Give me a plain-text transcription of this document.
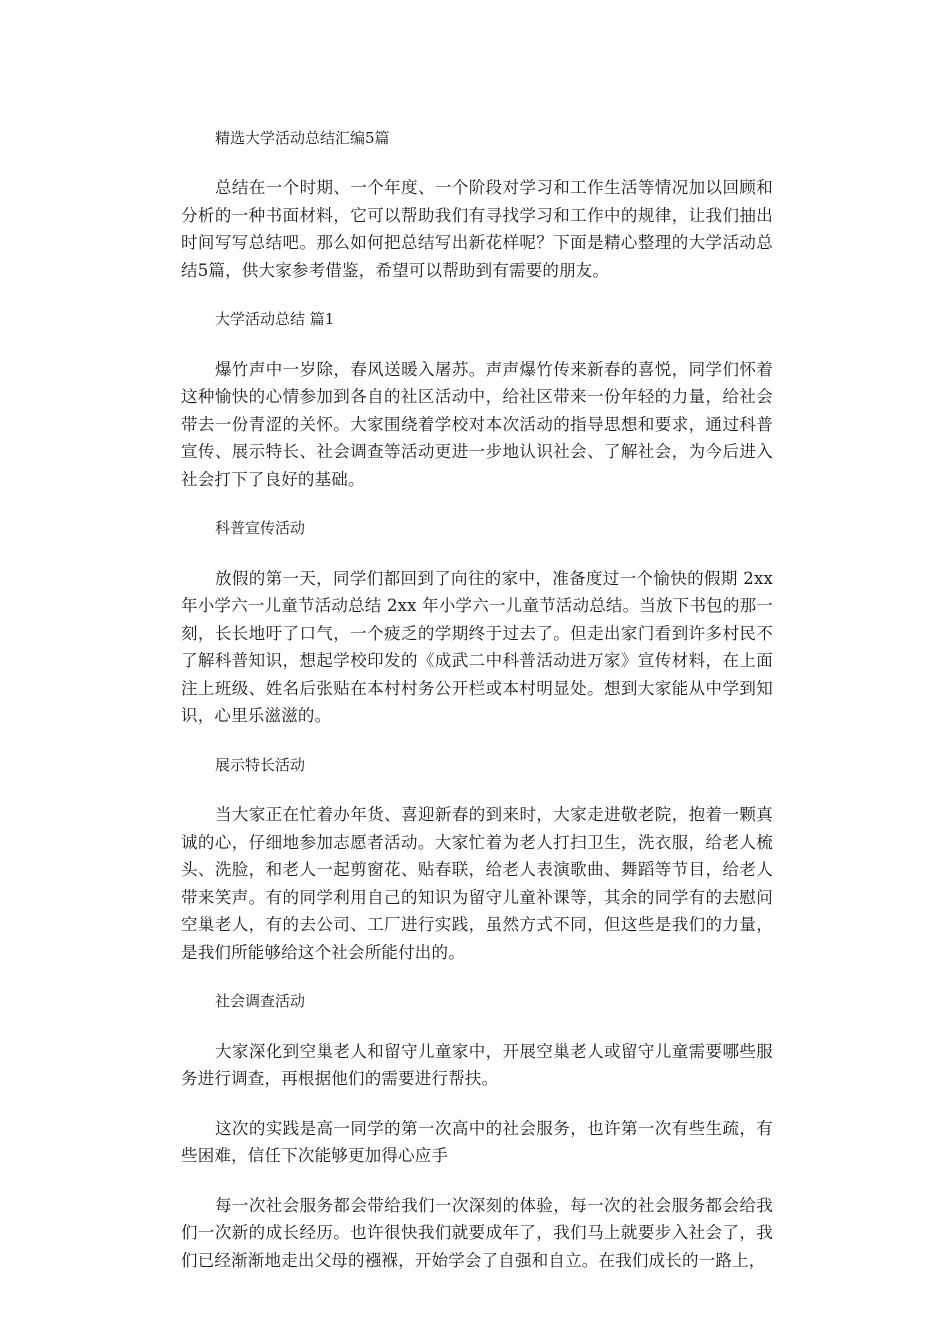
精选大学活动总结汇编5篇

总结在一个时期、一个年度、一个阶段对学习和工作生活等情况加以回顾和分析的一种书面材料，它可以帮助我们有寻找学习和工作中的规律，让我们抽出时间写写总结吧。那么如何把总结写出新花样呢？下面是精心整理的大学活动总结5篇，供大家参考借鉴，希望可以帮助到有需要的朋友。

大学活动总结 篇1

爆竹声中一岁除，春风送暖入屠苏。声声爆竹传来新春的喜悦，同学们怀着这种愉快的心情参加到各自的社区活动中，给社区带来一份年轻的力量，给社会带去一份青涩的关怀。大家围绕着学校对本次活动的指导思想和要求，通过科普宣传、展示特长、社会调查等活动更进一步地认识社会、了解社会，为今后进入社会打下了良好的基础。

科普宣传活动

放假的第一天，同学们都回到了向往的家中，准备度过一个愉快的假期 2xx年小学六一儿童节活动总结 2xx 年小学六一儿童节活动总结。当放下书包的那一刻，长长地吁了口气，一个疲乏的学期终于过去了。但走出家门看到许多村民不了解科普知识，想起学校印发的《成武二中科普活动进万家》宣传材料，在上面注上班级、姓名后张贴在本村村务公开栏或本村明显处。想到大家能从中学到知识，心里乐滋滋的。

展示特长活动

当大家正在忙着办年货、喜迎新春的到来时，大家走进敬老院，抱着一颗真诚的心，仔细地参加志愿者活动。大家忙着为老人打扫卫生，洗衣服，给老人梳头、洗脸，和老人一起剪窗花、贴春联，给老人表演歌曲、舞蹈等节目，给老人带来笑声。有的同学利用自己的知识为留守儿童补课等，其余的同学有的去慰问空巢老人，有的去公司、工厂进行实践，虽然方式不同，但这些是我们的力量，是我们所能够给这个社会所能付出的。

社会调查活动

大家深化到空巢老人和留守儿童家中，开展空巢老人或留守儿童需要哪些服务进行调查，再根据他们的需要进行帮扶。

这次的实践是高一同学的第一次高中的社会服务，也许第一次有些生疏，有些困难，信任下次能够更加得心应手

每一次社会服务都会带给我们一次深刻的体验，每一次的社会服务都会给我们一次新的成长经历。也许很快我们就要成年了，我们马上就要步入社会了，我们已经渐渐地走出父母的襁褓，开始学会了自强和自立。在我们成长的一路上，
